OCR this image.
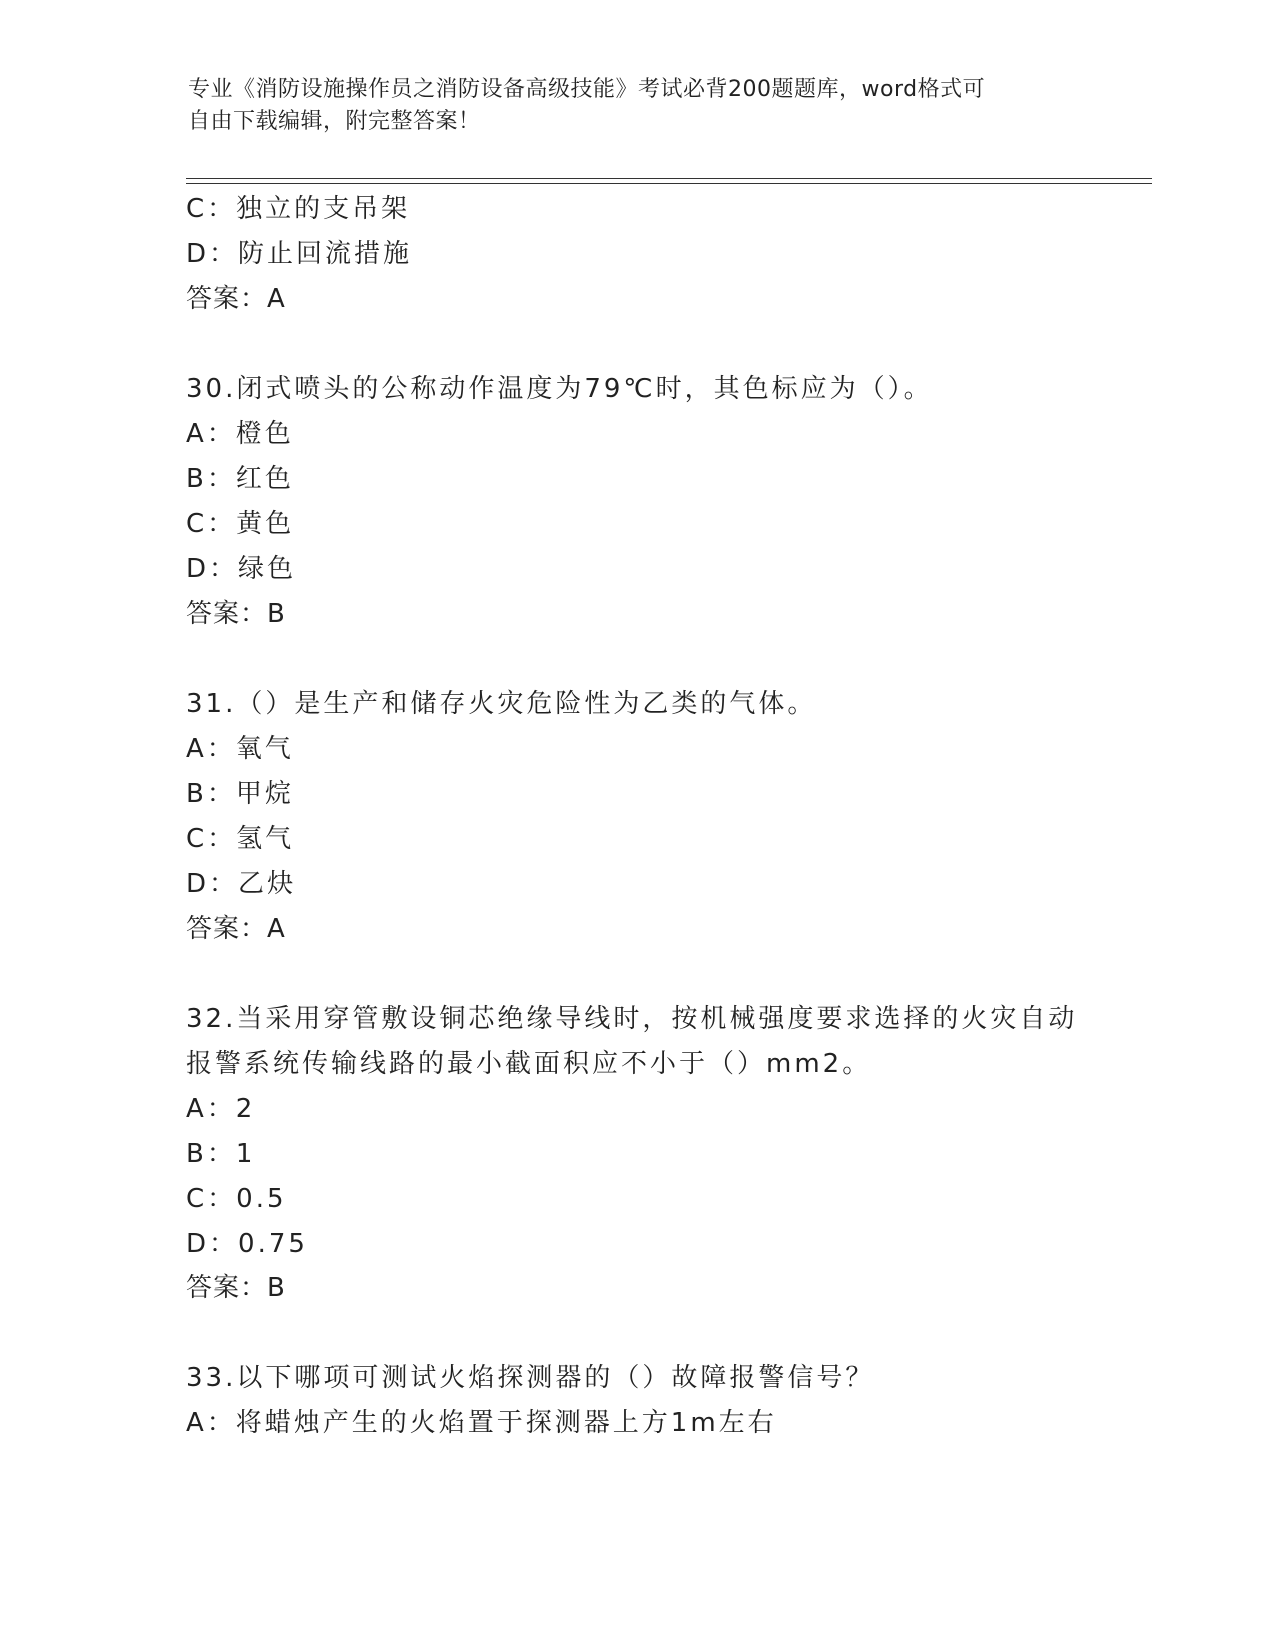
专业《消防设施操作员之消防设备高级技能》考试必背200题题库，word格式可
自由下载编辑，附完整答案！
C：独立的支吊架
D：防止回流措施
答案：A
30.闭式喷头的公称动作温度为79℃时，其色标应为（）。
A：橙色
B：红色
C：黄色
D：绿色
答案：B
31.（）是生产和储存火灾危险性为乙类的气体。
A：氧气
B：甲烷
C：氢气
D：乙炔
答案：A
32.当采用穿管敷设铜芯绝缘导线时，按机械强度要求选择的火灾自动
报警系统传输线路的最小截面积应不小于（）mm2。
A：2
B：1
C：0.5
D：0.75
答案：B
33.以下哪项可测试火焰探测器的（）故障报警信号？
A：将蜡烛产生的火焰置于探测器上方1m左右
